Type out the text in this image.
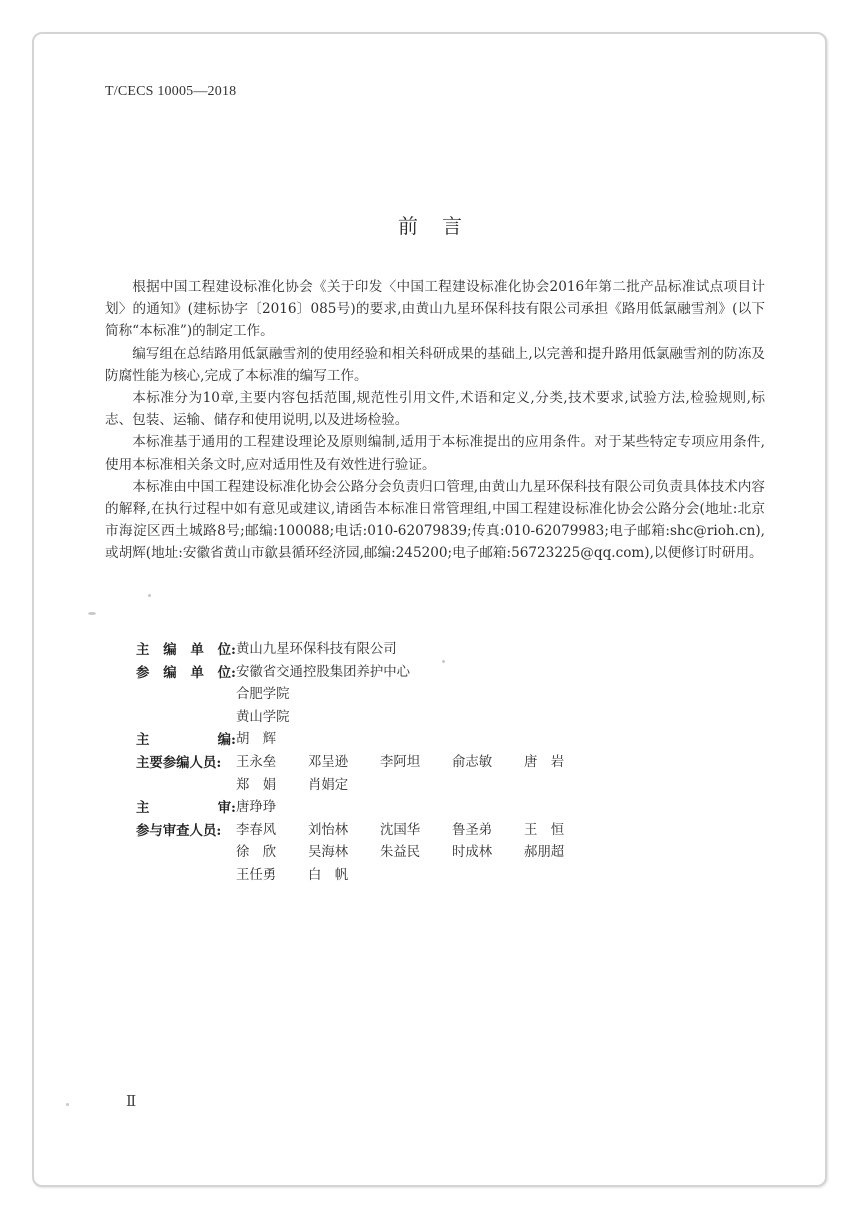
T/CECS 10005—2018
前言

根据中国工程建设标准化协会《关于印发〈中国工程建设标准化协会2016年第二批产品标准试点项目计划〉的通知》(建标协字〔2016〕085号)的要求,由黄山九星环保科技有限公司承担《路用低氯融雪剂》(以下简称“本标准”)的制定工作。

编写组在总结路用低氯融雪剂的使用经验和相关科研成果的基础上,以完善和提升路用低氯融雪剂的防冻及防腐性能为核心,完成了本标准的编写工作。

本标准分为10章,主要内容包括范围,规范性引用文件,术语和定义,分类,技术要求,试验方法,检验规则,标志、包装、运输、储存和使用说明,以及进场检验。

本标准基于通用的工程建设理论及原则编制,适用于本标准提出的应用条件。对于某些特定专项应用条件,使用本标准相关条文时,应对适用性及有效性进行验证。

本标准由中国工程建设标准化协会公路分会负责归口管理,由黄山九星环保科技有限公司负责具体技术内容的解释,在执行过程中如有意见或建议,请函告本标准日常管理组,中国工程建设标准化协会公路分会(地址:北京市海淀区西土城路8号;邮编:100088;电话:010-62079839;传真:010-62079983;电子邮箱:shc@rioh.cn),或胡辉(地址:安徽省黄山市歙县循环经济园,邮编:245200;电子邮箱:56723225@qq.com),以便修订时研用。

主 编 单 位: 黄山九星环保科技有限公司
参 编 单 位: 安徽省交通控股集团养护中心
合肥学院
黄山学院
主	编: 胡　辉
主要参编人员: 王永垒	邓呈逊	李阿坦	俞志敏	唐　岩
郑　娟	肖娟定
主	审: 唐琤琤
参与审查人员: 李春风	刘怡林	沈国华	鲁圣弟	王　恒
徐　欣	吴海林	朱益民	时成林	郝朋超
王任勇	白　帆
Ⅱ
